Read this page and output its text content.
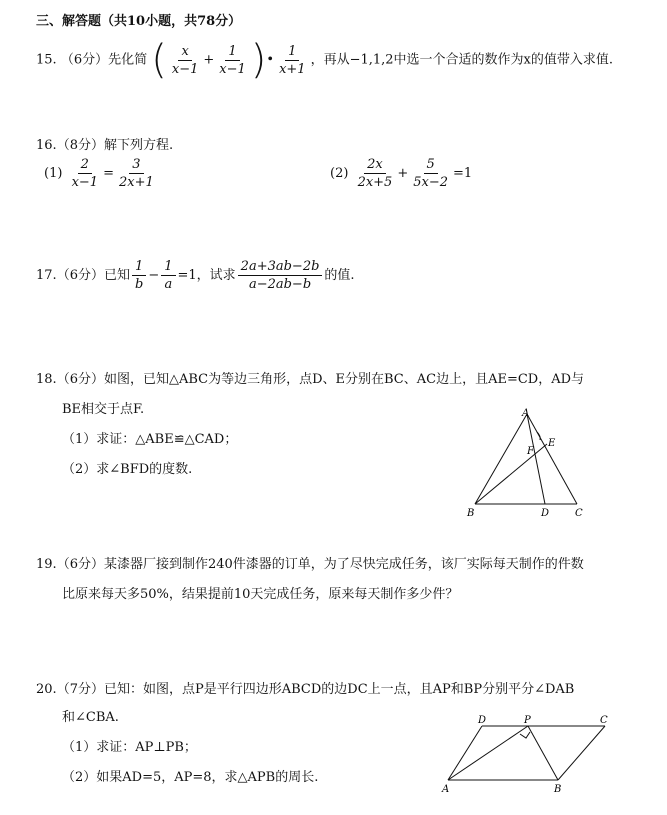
三、解答题（共10小题，共78分）
15. （6分）先化简 ( $\frac{x}{x-1} + \frac{1}{x-1}$ )• $\frac{1}{x+1}$ ，再从−1,1,2中选一个合适的数作为x的值带入求值.
16.（8分）解下列方程.
$(1) \frac{2}{x-1} = \frac{3}{2x+1}$	$(2) \frac{2x}{2x+5} + \frac{5}{5x-2} =1$
17.（6分）已知 $\frac{1}{b} - \frac{1}{a} =1$，试求 $\frac{2a+3ab-2b}{a-2ab-b}$ 的值.
18.（6分）如图，已知△ABC为等边三角形，点D、E分别在BC、AC边上，且AE=CD，AD与
BE相交于点F.
（1）求证：△ABE≌△CAD；
（2）求∠BFD的度数.
A
B	C
D
E
F
19.（6分）某漆器厂接到制作240件漆器的订单，为了尽快完成任务，该厂实际每天制作的件数
比原来每天多50%，结果提前10天完成任务，原来每天制作多少件？
20.（7分）已知：如图，点P是平行四边形ABCD的边DC上一点，且AP和BP分别平分∠DAB
和∠CBA.
（1）求证：AP⊥PB；
（2）如果AD=5，AP=8，求△APB的周长.
D	P	C
A	B
